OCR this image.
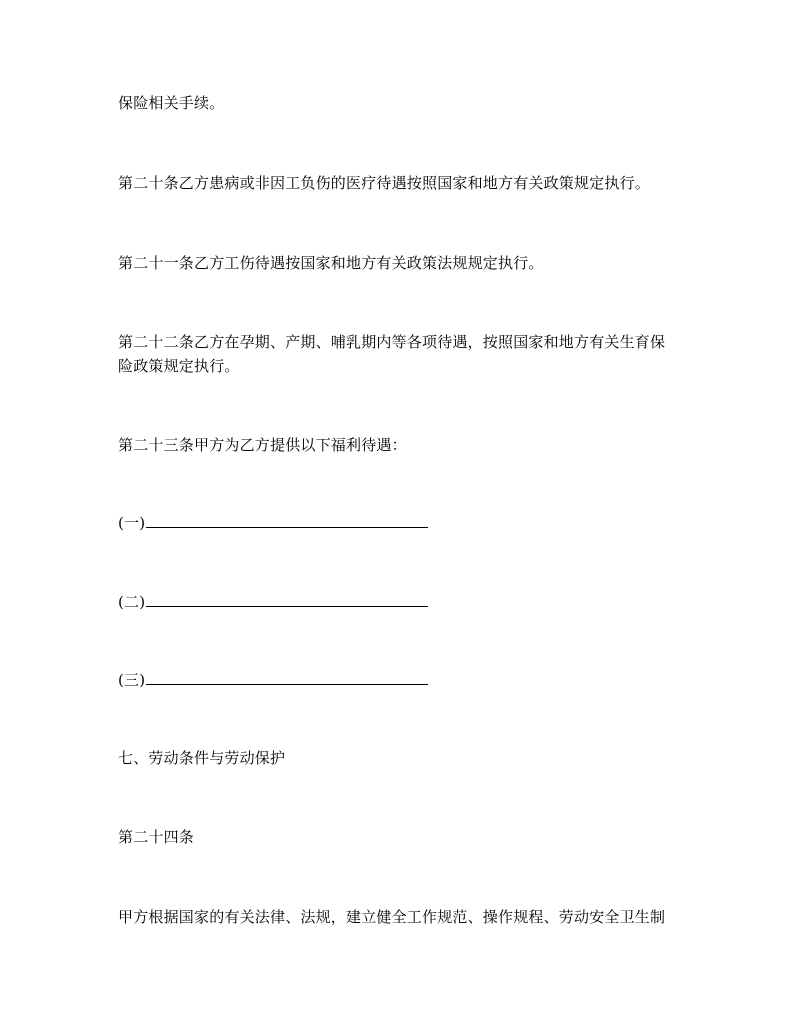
保险相关手续。
第二十条乙方患病或非因工负伤的医疗待遇按照国家和地方有关政策规定执行。
第二十一条乙方工伤待遇按国家和地方有关政策法规规定执行。
第二十二条乙方在孕期、产期、哺乳期内等各项待遇，按照国家和地方有关生育保
险政策规定执行。
第二十三条甲方为乙方提供以下福利待遇：
(一)
(二)
(三)
七、劳动条件与劳动保护
第二十四条
甲方根据国家的有关法律、法规，建立健全工作规范、操作规程、劳动安全卫生制
